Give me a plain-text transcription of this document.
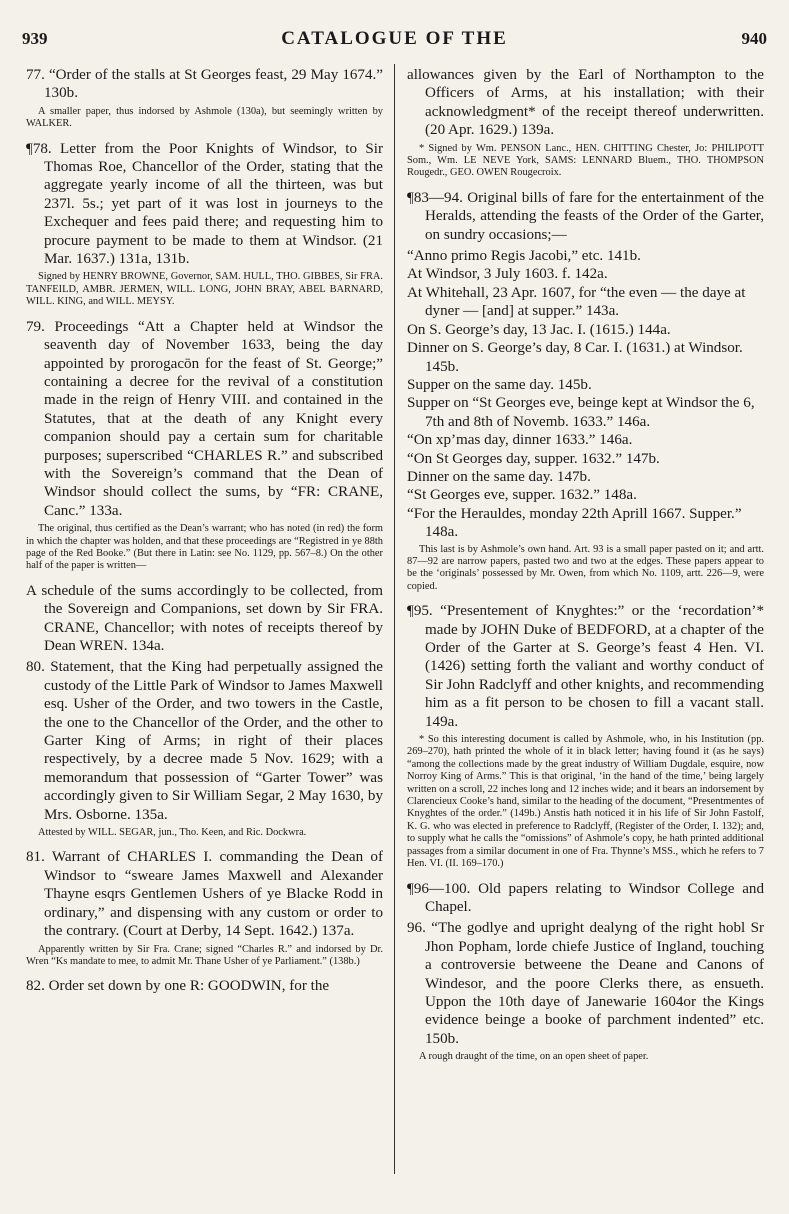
939	CATALOGUE OF THE	940

77. “Order of the stalls at St Georges feast, 29 May 1674.” 130b.

A smaller paper, thus indorsed by Ashmole (130a), but seemingly written by WALKER.

¶78. Letter from the Poor Knights of Windsor, to Sir Thomas Roe, Chancellor of the Order, stating that the aggregate yearly income of all the thirteen, was but 237l. 5s.; yet part of it was lost in journeys to the Exchequer and fees paid there; and requesting him to procure payment to be made to them at Windsor. (21 Mar. 1637.) 131a, 131b.

Signed by HENRY BROWNE, Governor, SAM. HULL, THO. GIBBES, Sir FRA. TANFEILD, AMBR. JERMEN, WILL. LONG, JOHN BRAY, ABEL BARNARD, WILL. KING, and WILL. MEYSY.

79. Proceedings “Att a Chapter held at Windsor the seaventh day of November 1633, being the day appointed by prorogacōn for the feast of St. George;” containing a decree for the revival of a constitution made in the reign of Henry VIII. and contained in the Statutes, that at the death of any Knight every companion should pay a certain sum for charitable purposes; superscribed “CHARLES R.” and subscribed with the Sovereign’s command that the Dean of Windsor should collect the sums, by “FR: CRANE, Canc.” 133a.

The original, thus certified as the Dean’s warrant; who has noted (in red) the form in which the chapter was holden, and that these proceedings are “Registred in ye 88th page of the Red Booke.” (But there in Latin: see No. 1129, pp. 567–8.) On the other half of the paper is written—

A schedule of the sums accordingly to be collected, from the Sovereign and Companions, set down by Sir FRA. CRANE, Chancellor; with notes of receipts thereof by Dean WREN. 134a.

80. Statement, that the King had perpetually assigned the custody of the Little Park of Windsor to James Maxwell esq. Usher of the Order, and two towers in the Castle, the one to the Chancellor of the Order, and the other to Garter King of Arms; in right of their places respectively, by a decree made 5 Nov. 1629; with a memorandum that possession of “Garter Tower” was accordingly given to Sir William Segar, 2 May 1630, by Mrs. Osborne. 135a.

Attested by WILL. SEGAR, jun., Tho. Keen, and Ric. Dockwra.

81. Warrant of CHARLES I. commanding the Dean of Windsor to “sweare James Maxwell and Alexander Thayne esqrs Gentlemen Ushers of ye Blacke Rodd in ordinary,” and dispensing with any custom or order to the contrary. (Court at Derby, 14 Sept. 1642.) 137a.

Apparently written by Sir Fra. Crane; signed “Charles R.” and indorsed by Dr. Wren “Ks mandate to mee, to admit Mr. Thane Usher of ye Parliament.” (138b.)

82. Order set down by one R: GOODWIN, for the

allowances given by the Earl of Northampton to the Officers of Arms, at his installation; with their acknowledgment* of the receipt thereof underwritten. (20 Apr. 1629.) 139a.

* Signed by Wm. PENSON Lanc., HEN. CHITTING Chester, Jo: PHILIPOTT Som., Wm. LE NEVE York, SAMS: LENNARD Bluem., THO. THOMPSON Rougedr., GEO. OWEN Rougecroix.

¶83—94. Original bills of fare for the entertainment of the Heralds, attending the feasts of the Order of the Garter, on sundry occasions;—

“Anno primo Regis Jacobi,” etc. 141b.

At Windsor, 3 July 1603. f. 142a.

At Whitehall, 23 Apr. 1607, for “the even — the daye at dyner — [and] at supper.” 143a.

On S. George’s day, 13 Jac. I. (1615.) 144a.

Dinner on S. George’s day, 8 Car. I. (1631.) at Windsor. 145b.

Supper on the same day. 145b.

Supper on “St Georges eve, beinge kept at Windsor the 6, 7th and 8th of Novemb. 1633.” 146a.

“On xp’mas day, dinner 1633.” 146a.

“On St Georges day, supper. 1632.” 147b.

Dinner on the same day. 147b.

“St Georges eve, supper. 1632.” 148a.

“For the Herauldes, monday 22th Aprill 1667. Supper.” 148a.

This last is by Ashmole’s own hand. Art. 93 is a small paper pasted on it; and artt. 87—92 are narrow papers, pasted two and two at the edges. These papers appear to be the ‘originals’ possessed by Mr. Owen, from which No. 1109, artt. 226—9, were copied.

¶95. “Presentement of Knyghtes:” or the ‘recordation’* made by JOHN Duke of BEDFORD, at a chapter of the Order of the Garter at S. George’s feast 4 Hen. VI. (1426) setting forth the valiant and worthy conduct of Sir John Radclyff and other knights, and recommending him as a fit person to be chosen to fill a vacant stall. 149a.

* So this interesting document is called by Ashmole, who, in his Institution (pp. 269–270), hath printed the whole of it in black letter; having found it (as he says) “among the collections made by the great industry of William Dugdale, esquire, now Norroy King of Arms.” This is that original, ‘in the hand of the time,’ being largely written on a scroll, 22 inches long and 12 inches wide; and it bears an indorsement by Clarencieux Cooke’s hand, similar to the heading of the document, “Presentmentes of Knyghtes of the order.” (149b.) Anstis hath noticed it in his life of Sir John Fastolf, K. G. who was elected in preference to Radclyff, (Register of the Order, I. 132); and, to supply what he calls the “omissions” of Ashmole’s copy, he hath printed additional passages from a similar document in one of Fra. Thynne’s MSS., which he refers to 7 Hen. VI. (II. 169–170.)

¶96—100. Old papers relating to Windsor College and Chapel.

96. “The godlye and upright dealyng of the right hobl Sr Jhon Popham, lorde chiefe Justice of Ingland, touching a controversie betweene the Deane and Canons of Windesor, and the poore Clerks there, as ensueth. Uppon the 10th daye of Janewarie 1604or the Kings evidence beinge a booke of parchment indented” etc. 150b.

A rough draught of the time, on an open sheet of paper.
